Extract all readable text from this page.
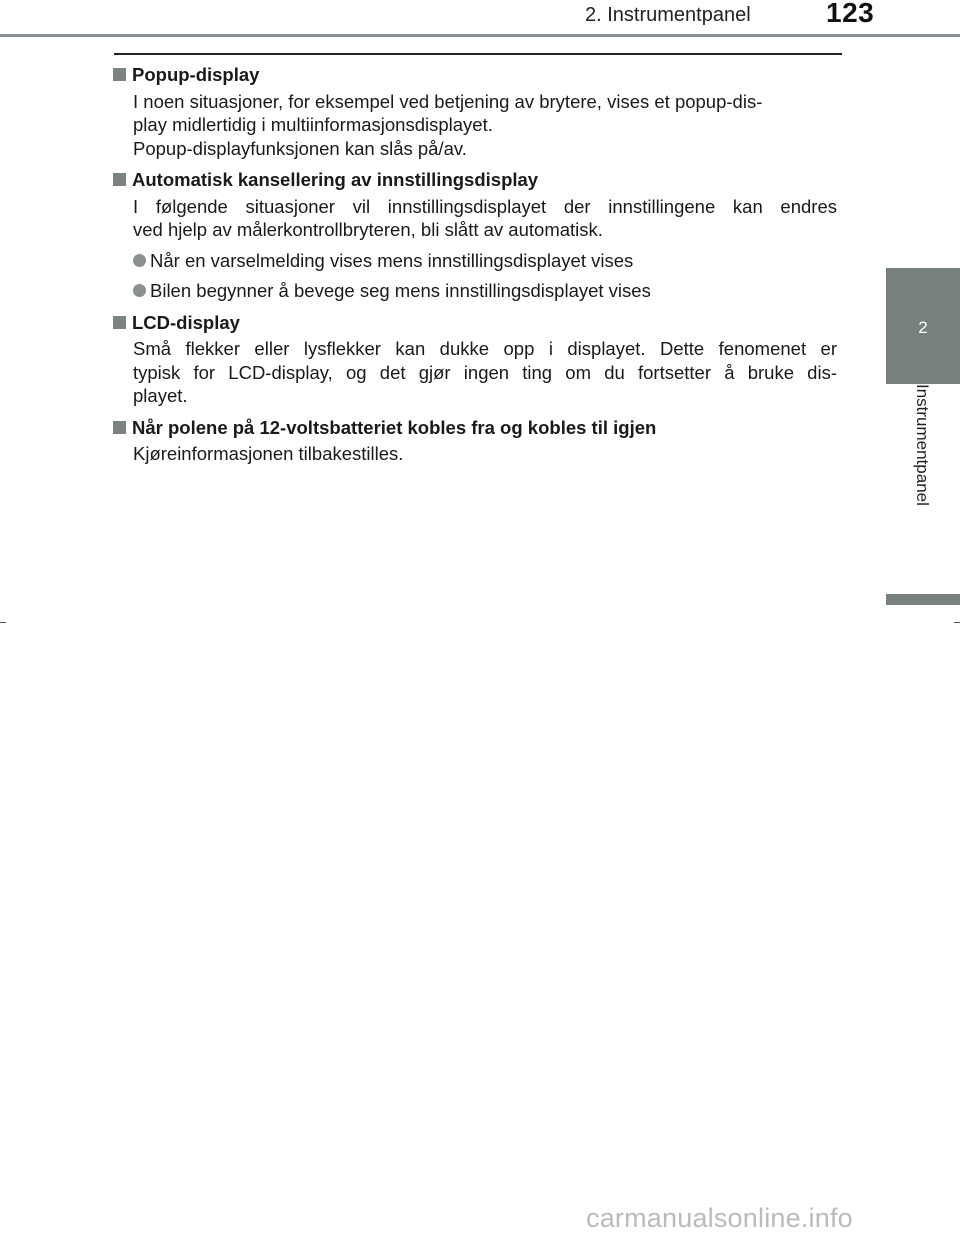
2. Instrumentpanel	123
2
Instrumentpanel
Popup-display
I noen situasjoner, for eksempel ved betjening av brytere, vises et popup-dis-
play midlertidig i multiinformasjonsdisplayet.
Popup-displayfunksjonen kan slås på/av.
Automatisk kansellering av innstillingsdisplay
I følgende situasjoner vil innstillingsdisplayet der innstillingene kan endres
ved hjelp av målerkontrollbryteren, bli slått av automatisk.
Når en varselmelding vises mens innstillingsdisplayet vises
Bilen begynner å bevege seg mens innstillingsdisplayet vises
LCD-display
Små flekker eller lysflekker kan dukke opp i displayet. Dette fenomenet er
typisk for LCD-display, og det gjør ingen ting om du fortsetter å bruke dis-
playet.
Når polene på 12-voltsbatteriet kobles fra og kobles til igjen
Kjøreinformasjonen tilbakestilles.
carmanualsonline.info
